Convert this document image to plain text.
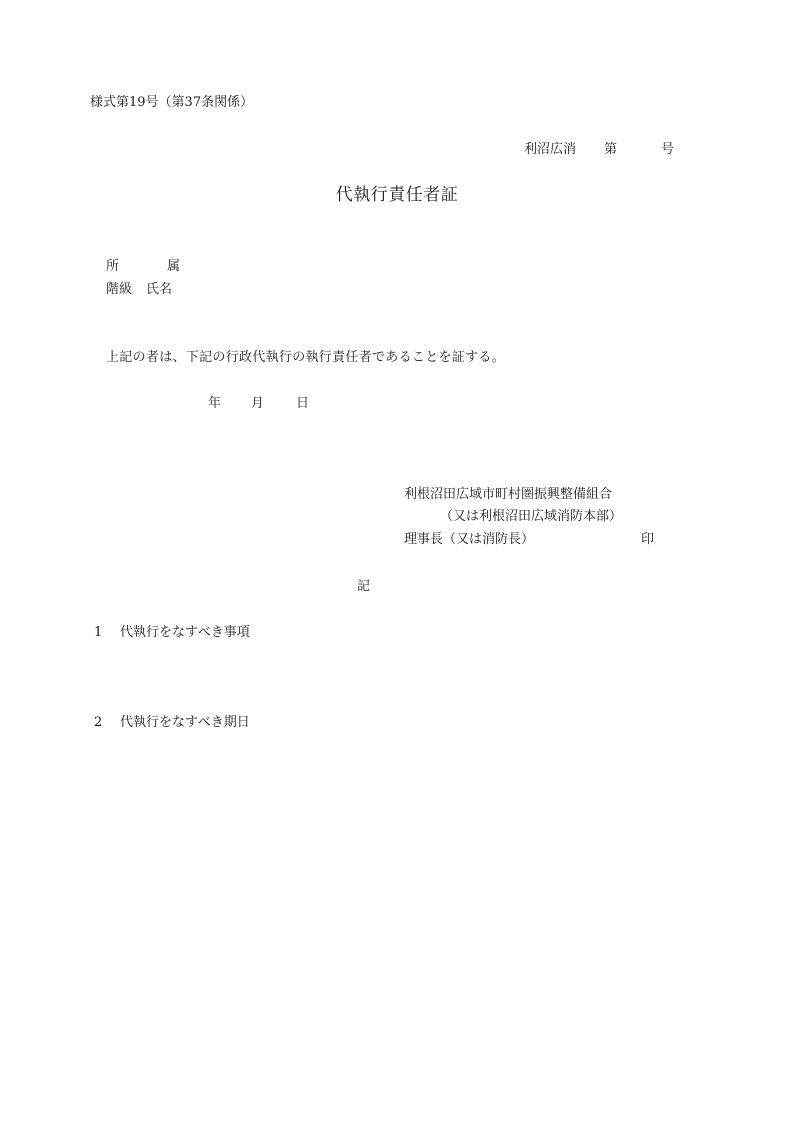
様式第19号（第37条関係）
利沼広消 第	号
代執行責任者証
所	属
階級 氏名
上記の者は、下記の行政代執行の執行責任者であることを証する。
年 月 日
利根沼田広域市町村圏振興整備組合
（又は利根沼田広域消防本部）
理事長（又は消防長）	印
記
1 代執行をなすべき事項
2 代執行をなすべき期日
